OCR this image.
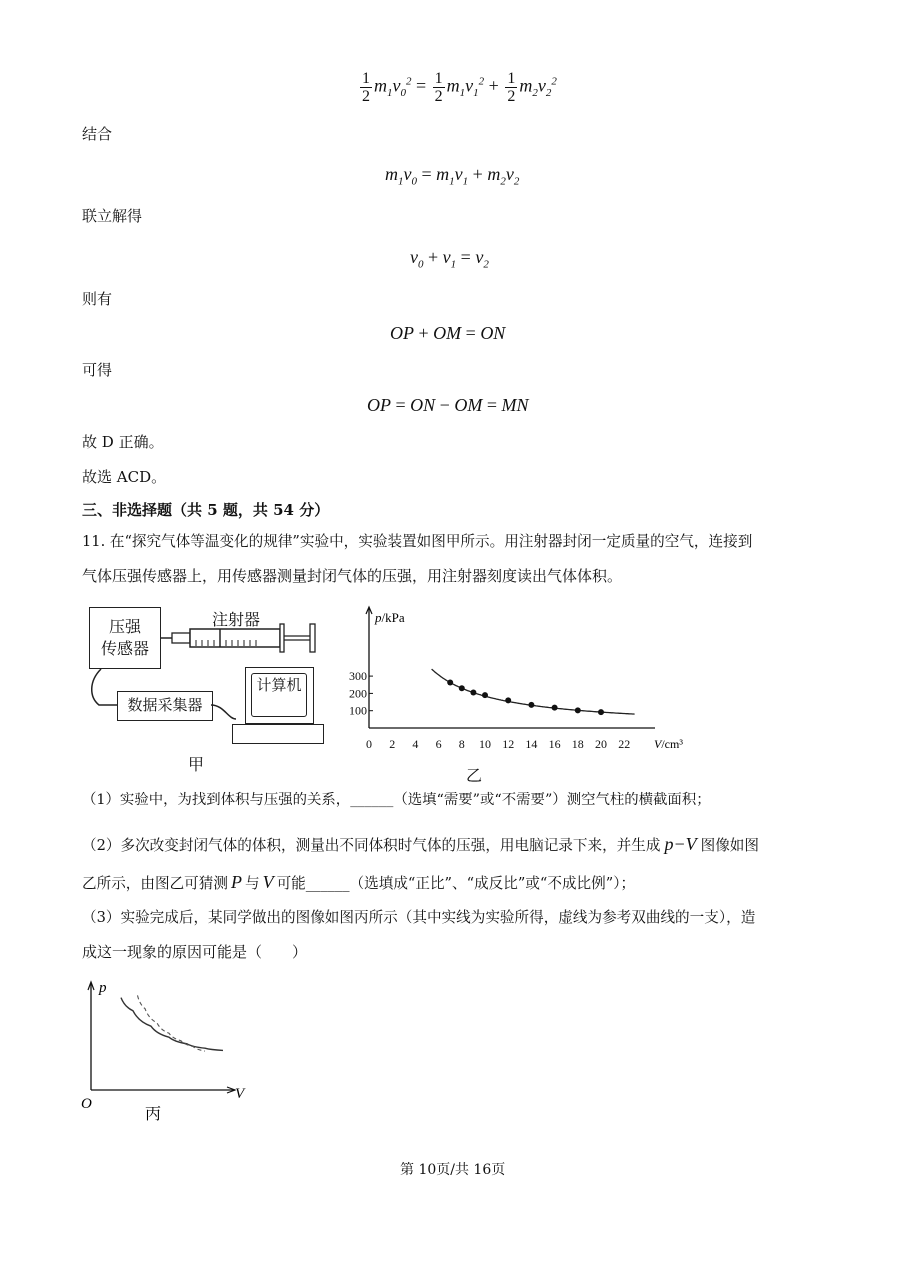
$\frac{1}{2} m_1v_0^2 = \frac{1}{2} m_1v_1^2 + \frac{1}{2} m_2v_2^2$
结合
$m_1v_0 = m_1v_1 + m_2v_2$
联立解得
$v_0 + v_1 = v_2$
则有
OP + OM = ON
可得
OP = ON − OM = MN
故 D 正确。
故选 ACD。
三、非选择题（共 5 题，共 54 分）
11. 在“探究气体等温变化的规律”实验中，实验装置如图甲所示。用注射器封闭一定质量的空气，连接到
气体压强传感器上，用传感器测量封闭气体的压强，用注射器刻度读出气体体积。
压强
传感器
注射器
数据采集器
计算机
甲
p/kPa
V/cm³
0 2 4 6 8 10 12 14 16 18 20 22
100
200
300
乙
（1）实验中，为找到体积与压强的关系，______（选填“需要”或“不需要”）测空气柱的横截面积；
（2）多次改变封闭气体的体积，测量出不同体积时气体的压强，用电脑记录下来，并生成 p−V 图像如图
乙所示，由图乙可猜测 P 与 V 可能______（选填成“正比”、“成反比”或“不成比例”）；
（3）实验完成后，某同学做出的图像如图丙所示（其中实线为实验所得，虚线为参考双曲线的一支），造
成这一现象的原因可能是（　　）
p
V
O	丙
第 10页/共 16页
